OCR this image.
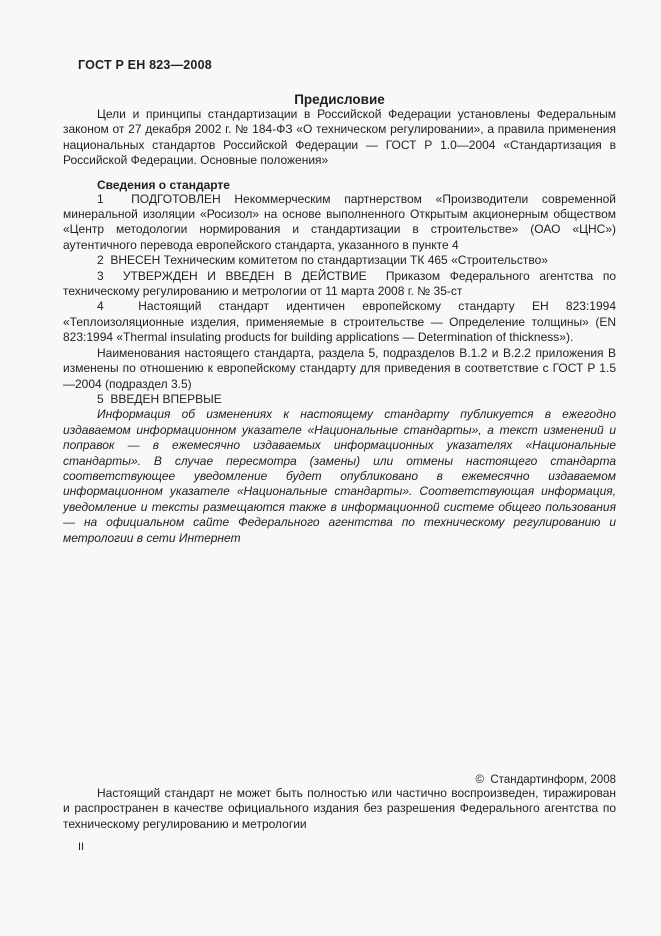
ГОСТ Р ЕН 823—2008
Предисловие

Цели и принципы стандартизации в Российской Федерации установлены Федеральным законом от 27 декабря 2002 г. № 184-ФЗ «О техническом регулировании», а правила применения национальных стандартов Российской Федерации — ГОСТ Р 1.0—2004 «Стандартизация в Российской Федерации. Основные положения»

Сведения о стандарте

1  ПОДГОТОВЛЕН Некоммерческим партнерством «Производители современной минеральной изоляции «Росизол» на основе выполненного Открытым акционерным обществом «Центр методологии нормирования и стандартизации в строительстве» (ОАО «ЦНС») аутентичного перевода европейского стандарта, указанного в пункте 4

2  ВНЕСЕН Техническим комитетом по стандартизации ТК 465 «Строительство»

3  УТВЕРЖДЕН И ВВЕДЕН В ДЕЙСТВИЕ  Приказом Федерального агентства по техническому регулированию и метрологии от 11 марта 2008 г. № 35-ст

4  Настоящий стандарт идентичен европейскому стандарту ЕН 823:1994 «Теплоизоляционные изделия, применяемые в строительстве — Определение толщины» (EN 823:1994 «Thermal insulating products for building applications — Determination of thickness»).

Наименования настоящего стандарта, раздела 5, подразделов В.1.2 и В.2.2 приложения В изменены по отношению к европейскому стандарту для приведения в соответствие с ГОСТ Р 1.5—2004 (подраздел 3.5)

5  ВВЕДЕН ВПЕРВЫЕ

Информация об изменениях к настоящему стандарту публикуется в ежегодно издаваемом информационном указателе «Национальные стандарты», а текст изменений и поправок — в ежемесячно издаваемых информационных указателях «Национальные стандарты». В случае пересмотра (замены) или отмены настоящего стандарта соответствующее уведомление будет опубликовано в ежемесячно издаваемом информационном указателе «Национальные стандарты». Соответствующая информация, уведомление и тексты размещаются также в информационной системе общего пользования — на официальном сайте Федерального агентства по техническому регулированию и метрологии в сети Интернет

©  Стандартинформ, 2008

Настоящий стандарт не может быть полностью или частично воспроизведен, тиражирован и распространен в качестве официального издания без разрешения Федерального агентства по техническому регулированию и метрологии

II
